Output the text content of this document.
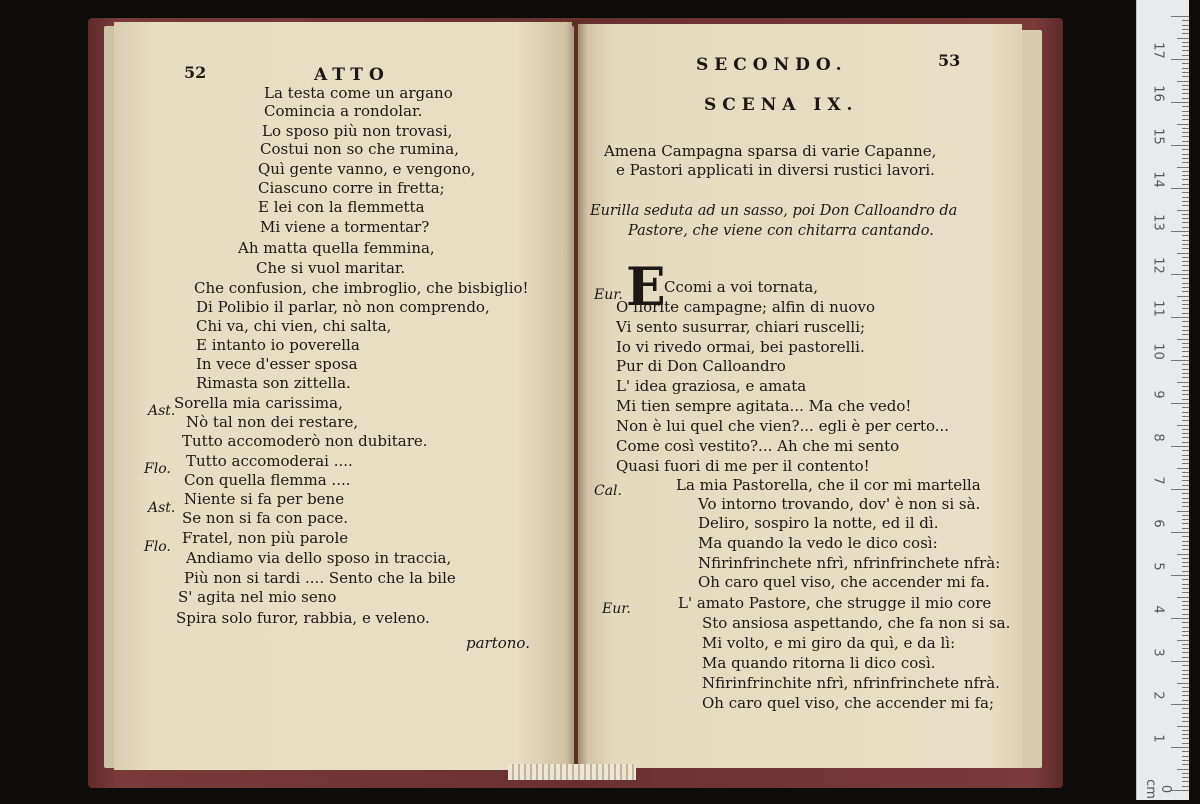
52	ATTO
La testa come un argano
Comincia a rondolar.
Lo sposo più non trovasi,
Costui non so che rumina,
Quì gente vanno, e vengono,
Ciascuno corre in fretta;
E lei con la flemmetta
Mi viene a tormentar?
Ah matta quella femmina,
Che si vuol maritar.
Che confusion, che imbroglio, che bisbiglio!
Di Polibio il parlar, nò non comprendo,
Chi va, chi vien, chi salta,
E intanto io poverella
In vece d'esser sposa
Rimasta son zittella.
Sorella mia carissima,
Nò tal non dei restare,
Tutto accomoderò non dubitare.
Tutto accomoderai ....
Con quella flemma ....
Niente si fa per bene
Se non si fa con pace.
Fratel, non più parole
Andiamo via dello sposo in traccia,
Più non si tardi .... Sento che la bile
S' agita nel mio seno
Spira solo furor, rabbia, e veleno.
Ast.
Flo.
Ast.
Flo.
partono.
SECONDO.	53
SCENA IX.
Amena Campagna sparsa di varie Capanne,
e Pastori applicati in diversi rustici lavori.
Eurilla seduta ad un sasso, poi Don Calloandro da
Pastore, che viene con chitarra cantando.
Eur. E
Ccomi a voi tornata,
O fiorite campagne; alfin di nuovo
Vi sento susurrar, chiari ruscelli;
Io vi rivedo ormai, bei pastorelli.
Pur di Don Calloandro
L' idea graziosa, e amata
Mi tien sempre agitata... Ma che vedo!
Non è lui quel che vien?... egli è per certo...
Come così vestito?... Ah che mi sento
Quasi fuori di me per il contento!
Cal.	La mia Pastorella, che il cor mi martella
Vo intorno trovando, dov' è non si sà.
Deliro, sospiro la notte, ed il dì.
Ma quando la vedo le dico così:
Nfirinfrinchete nfrì, nfrinfrinchete nfrà:
Oh caro quel viso, che accender mi fa.
Eur.	L' amato Pastore, che strugge il mio core
Sto ansiosa aspettando, che fa non si sa.
Mi volto, e mi giro da quì, e da lì:
Ma quando ritorna li dico così.
Nfirinfrinchite nfrì, nfrinfrinchete nfrà.
Oh caro quel viso, che accender mi fa;
17
16
15
14
13
12
11
10
9
8
7
6
5
4
3
2
1
0 cm
